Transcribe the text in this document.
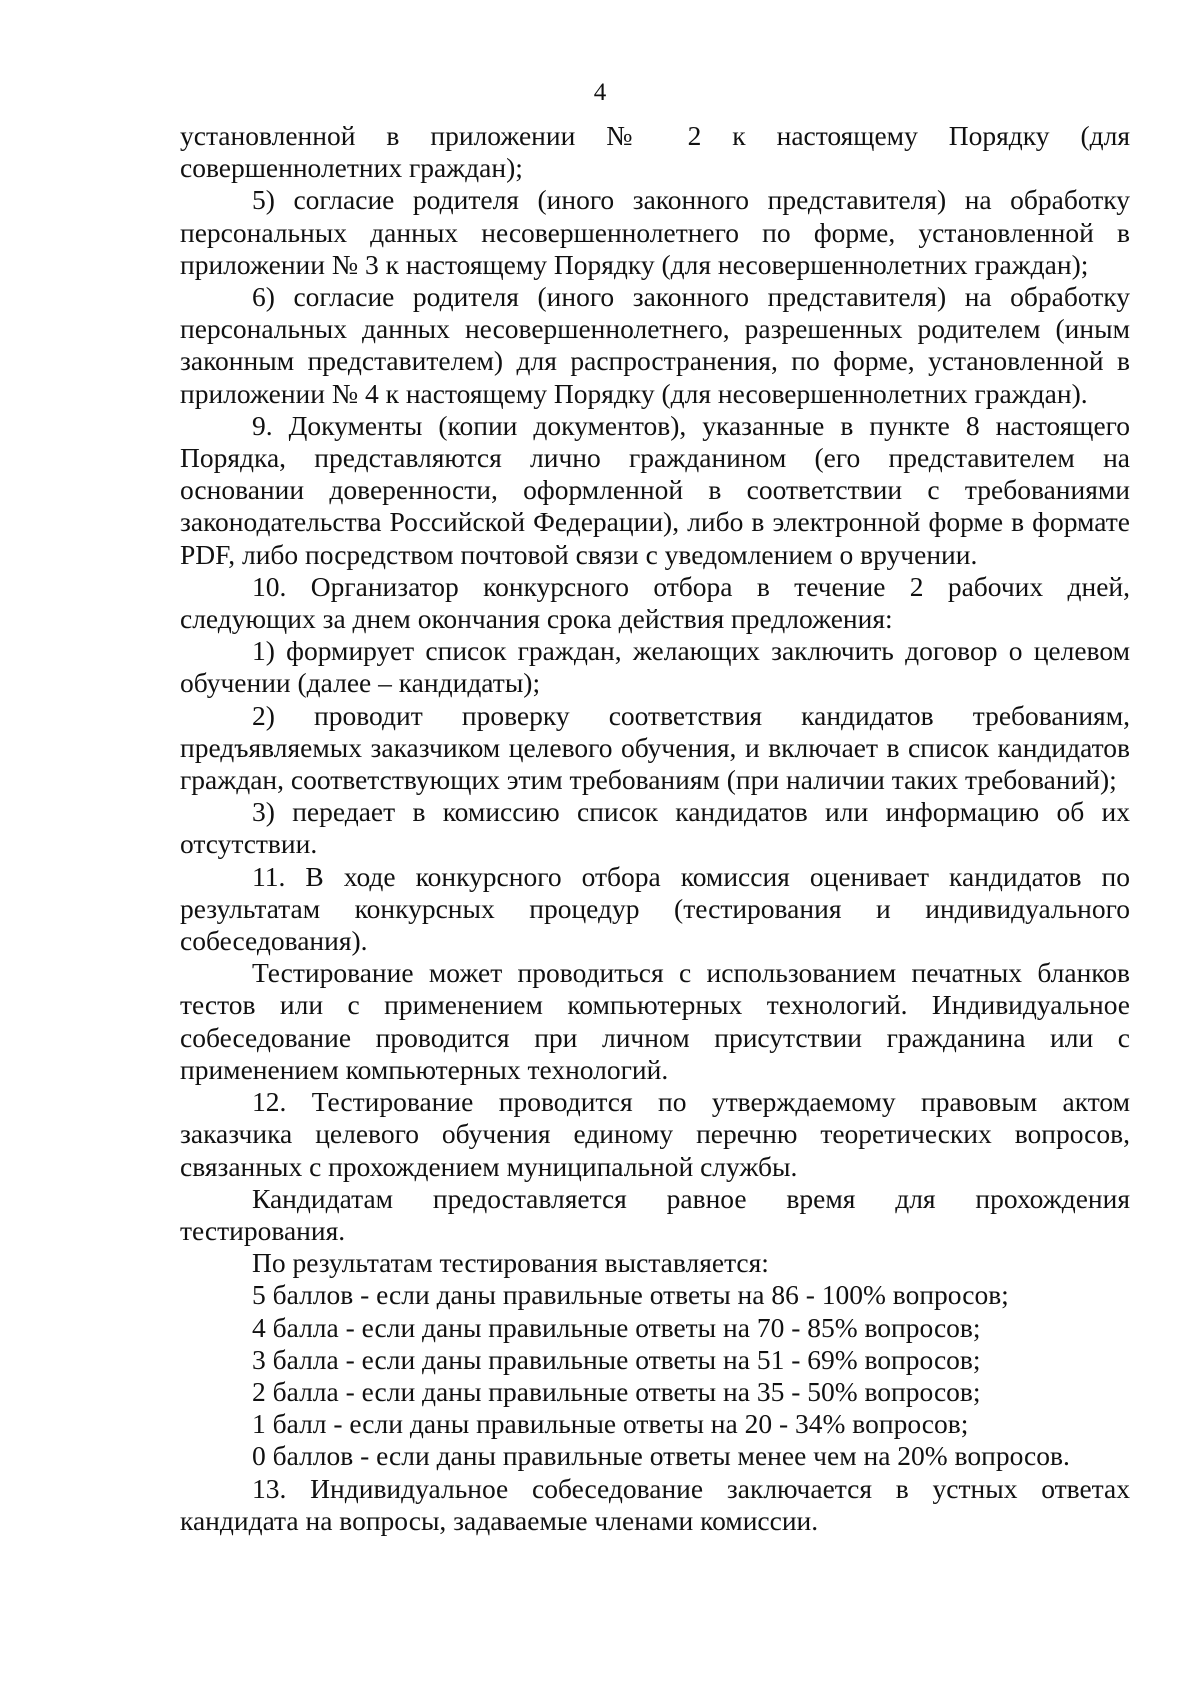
4

установленной в приложении № 2 к настоящему Порядку (для совершеннолетних граждан);

5) согласие родителя (иного законного представителя) на обработку персональных данных несовершеннолетнего по форме, установленной в приложении № 3 к настоящему Порядку (для несовершеннолетних граждан);

6) согласие родителя (иного законного представителя) на обработку персональных данных несовершеннолетнего, разрешенных родителем (иным законным представителем) для распространения, по форме, установленной в приложении № 4 к настоящему Порядку (для несовершеннолетних граждан).

9. Документы (копии документов), указанные в пункте 8 настоящего Порядка, представляются лично гражданином (его представителем на основании доверенности, оформленной в соответствии с требованиями законодательства Российской Федерации), либо в электронной форме в формате PDF, либо посредством почтовой связи с уведомлением о вручении.

10. Организатор конкурсного отбора в течение 2 рабочих дней, следующих за днем окончания срока действия предложения:

1) формирует список граждан, желающих заключить договор о целевом обучении (далее – кандидаты);

2) проводит проверку соответствия кандидатов требованиям, предъявляемых заказчиком целевого обучения, и включает в список кандидатов граждан, соответствующих этим требованиям (при наличии таких требований);

3) передает в комиссию список кандидатов или информацию об их отсутствии.

11. В ходе конкурсного отбора комиссия оценивает кандидатов по результатам конкурсных процедур (тестирования и индивидуального собеседования).

Тестирование может проводиться с использованием печатных бланков тестов или с применением компьютерных технологий. Индивидуальное собеседование проводится при личном присутствии гражданина или с применением компьютерных технологий.

12. Тестирование проводится по утверждаемому правовым актом заказчика целевого обучения единому перечню теоретических вопросов, связанных с прохождением муниципальной службы.

Кандидатам предоставляется равное время для прохождения тестирования.

По результатам тестирования выставляется:

5 баллов - если даны правильные ответы на 86 - 100% вопросов;

4 балла - если даны правильные ответы на 70 - 85% вопросов;

3 балла - если даны правильные ответы на 51 - 69% вопросов;

2 балла - если даны правильные ответы на 35 - 50% вопросов;

1 балл - если даны правильные ответы на 20 - 34% вопросов;

0 баллов - если даны правильные ответы менее чем на 20% вопросов.

13. Индивидуальное собеседование заключается в устных ответах кандидата на вопросы, задаваемые членами комиссии.
